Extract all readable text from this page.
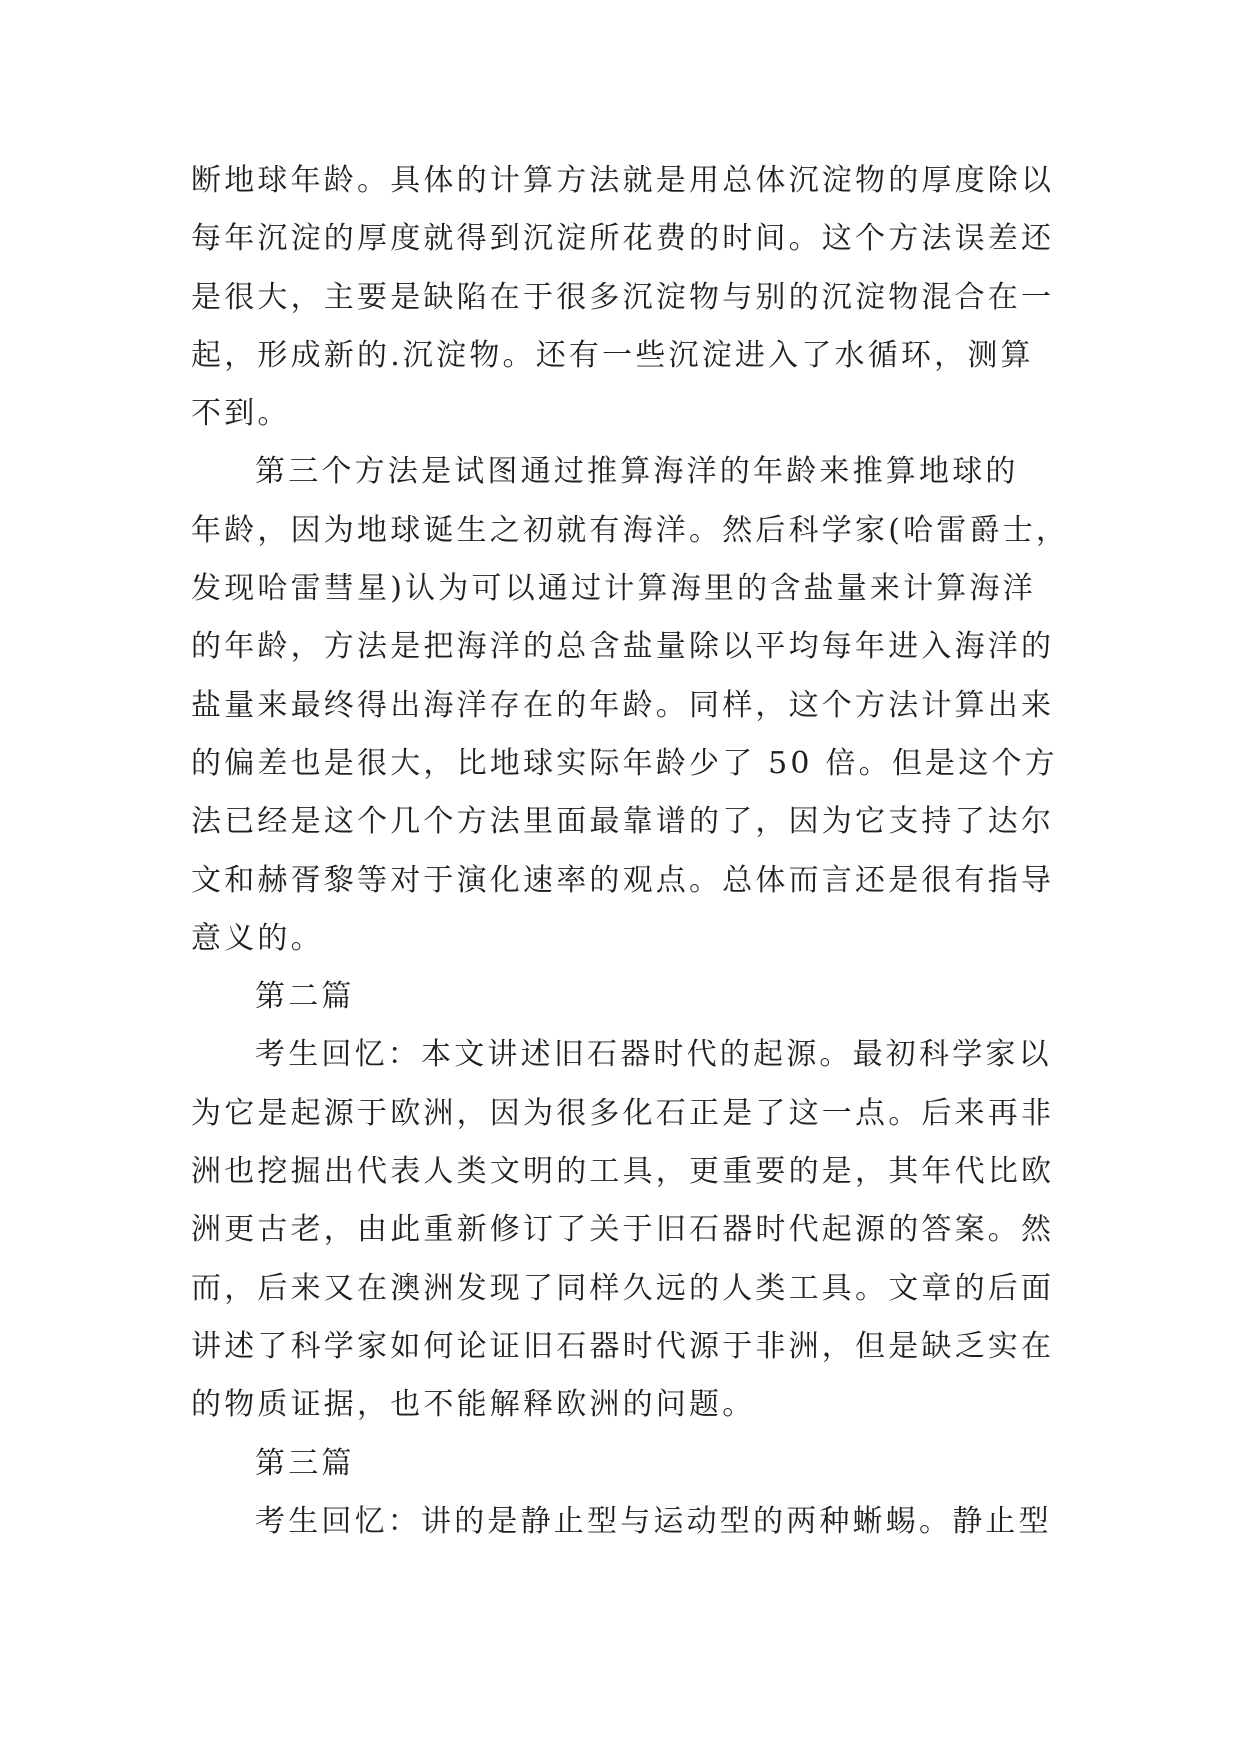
断地球年龄。具体的计算方法就是用总体沉淀物的厚度除以
每年沉淀的厚度就得到沉淀所花费的时间。这个方法误差还
是很大，主要是缺陷在于很多沉淀物与别的沉淀物混合在一
起，形成新的.沉淀物。还有一些沉淀进入了水循环，测算
不到。
第三个方法是试图通过推算海洋的年龄来推算地球的
年龄，因为地球诞生之初就有海洋。然后科学家(哈雷爵士，
发现哈雷彗星)认为可以通过计算海里的含盐量来计算海洋
的年龄，方法是把海洋的总含盐量除以平均每年进入海洋的
盐量来最终得出海洋存在的年龄。同样，这个方法计算出来
的偏差也是很大，比地球实际年龄少了 50 倍。但是这个方
法已经是这个几个方法里面最靠谱的了，因为它支持了达尔
文和赫胥黎等对于演化速率的观点。总体而言还是很有指导
意义的。
第二篇
考生回忆：本文讲述旧石器时代的起源。最初科学家以
为它是起源于欧洲，因为很多化石正是了这一点。后来再非
洲也挖掘出代表人类文明的工具，更重要的是，其年代比欧
洲更古老，由此重新修订了关于旧石器时代起源的答案。然
而，后来又在澳洲发现了同样久远的人类工具。文章的后面
讲述了科学家如何论证旧石器时代源于非洲，但是缺乏实在
的物质证据，也不能解释欧洲的问题。
第三篇
考生回忆：讲的是静止型与运动型的两种蜥蜴。静止型
